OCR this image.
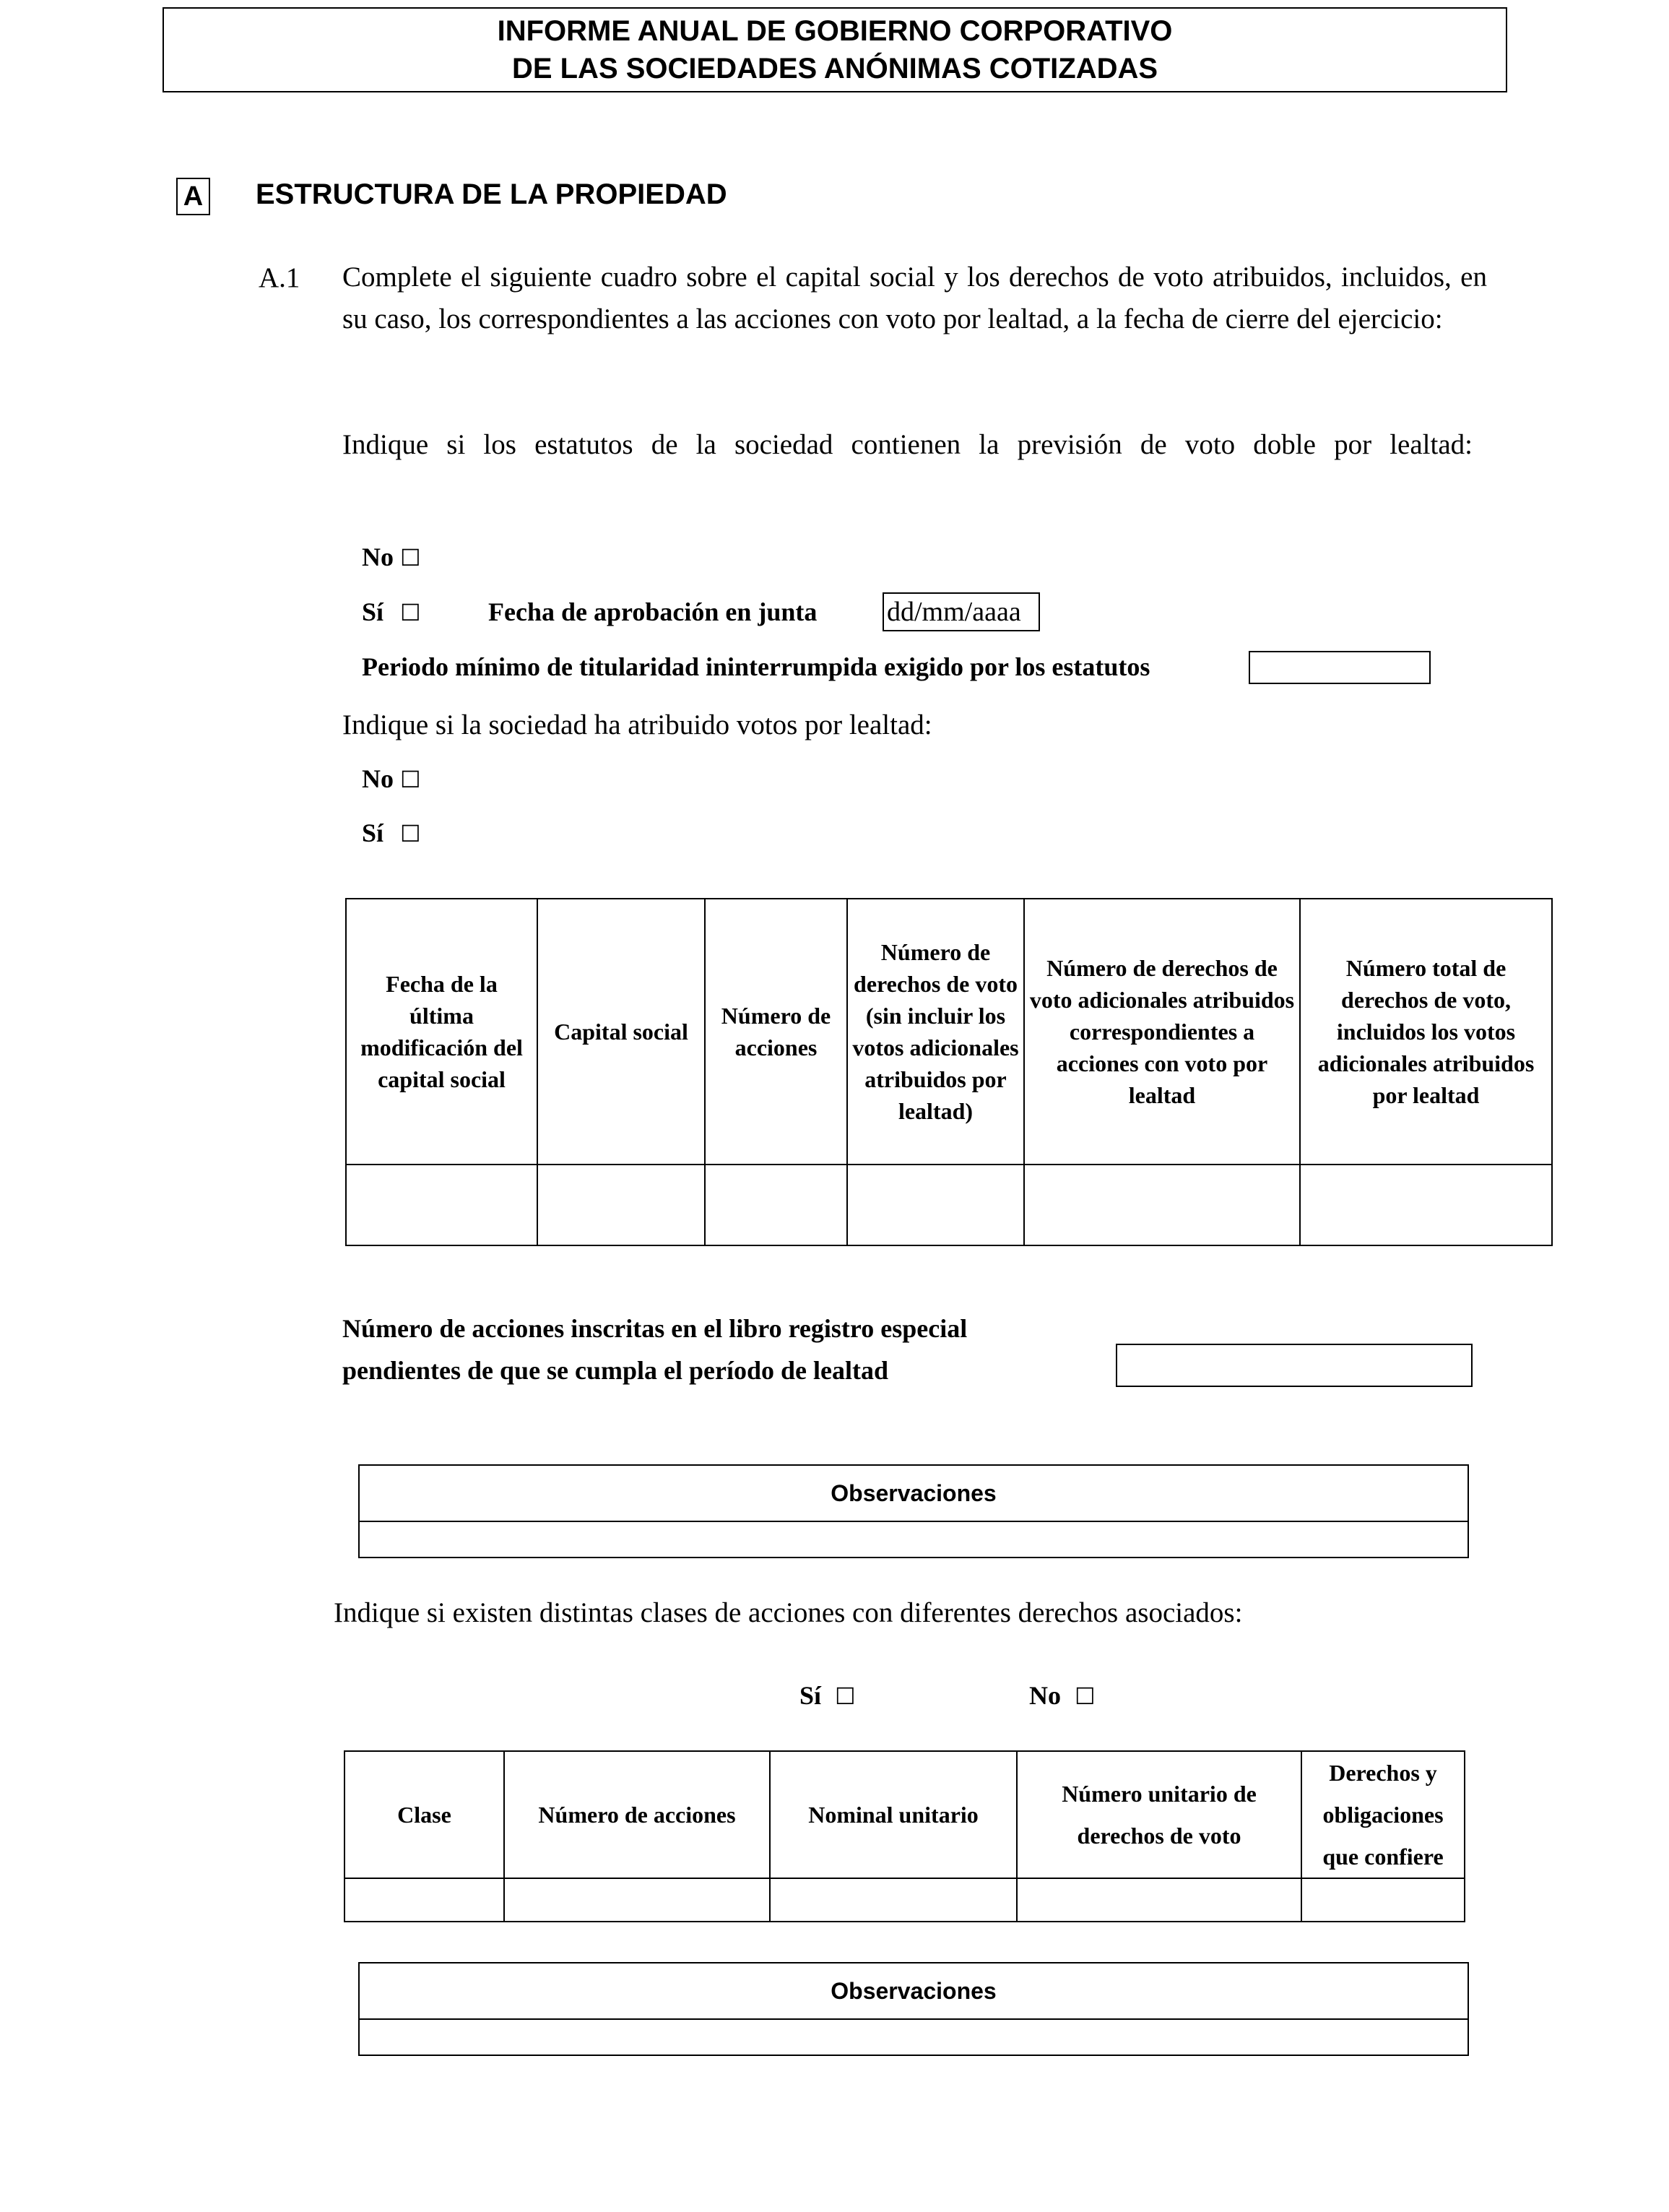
INFORME ANUAL DE GOBIERNO CORPORATIVO
DE LAS SOCIEDADES ANÓNIMAS COTIZADAS
A ESTRUCTURA DE LA PROPIEDAD
A.1 Complete el siguiente cuadro sobre el capital social y los derechos de voto atribuidos, incluidos, en su caso, los correspondientes a las acciones con voto por lealtad, a la fecha de cierre del ejercicio:
Indique si los estatutos de la sociedad contienen la previsión de voto doble por lealtad:
No ☐
Sí ☐	Fecha de aprobación en junta	dd/mm/aaaa
Periodo mínimo de titularidad ininterrumpida exigido por los estatutos
Indique si la sociedad ha atribuido votos por lealtad:
No ☐
Sí ☐
Fecha de la última modificación del capital social	Capital social	Número de acciones	Número de derechos de voto (sin incluir los votos adicionales atribuidos por lealtad)	Número de derechos de voto adicionales atribuidos correspondientes a acciones con voto por lealtad	Número total de derechos de voto, incluidos los votos adicionales atribuidos por lealtad

Número de acciones inscritas en el libro registro especial
pendientes de que se cumpla el período de lealtad
Observaciones

Indique si existen distintas clases de acciones con diferentes derechos asociados:
Sí ☐	No ☐
Clase	Número de acciones	Nominal unitario	Número unitario de derechos de voto	Derechos y obligaciones que confiere

Observaciones
